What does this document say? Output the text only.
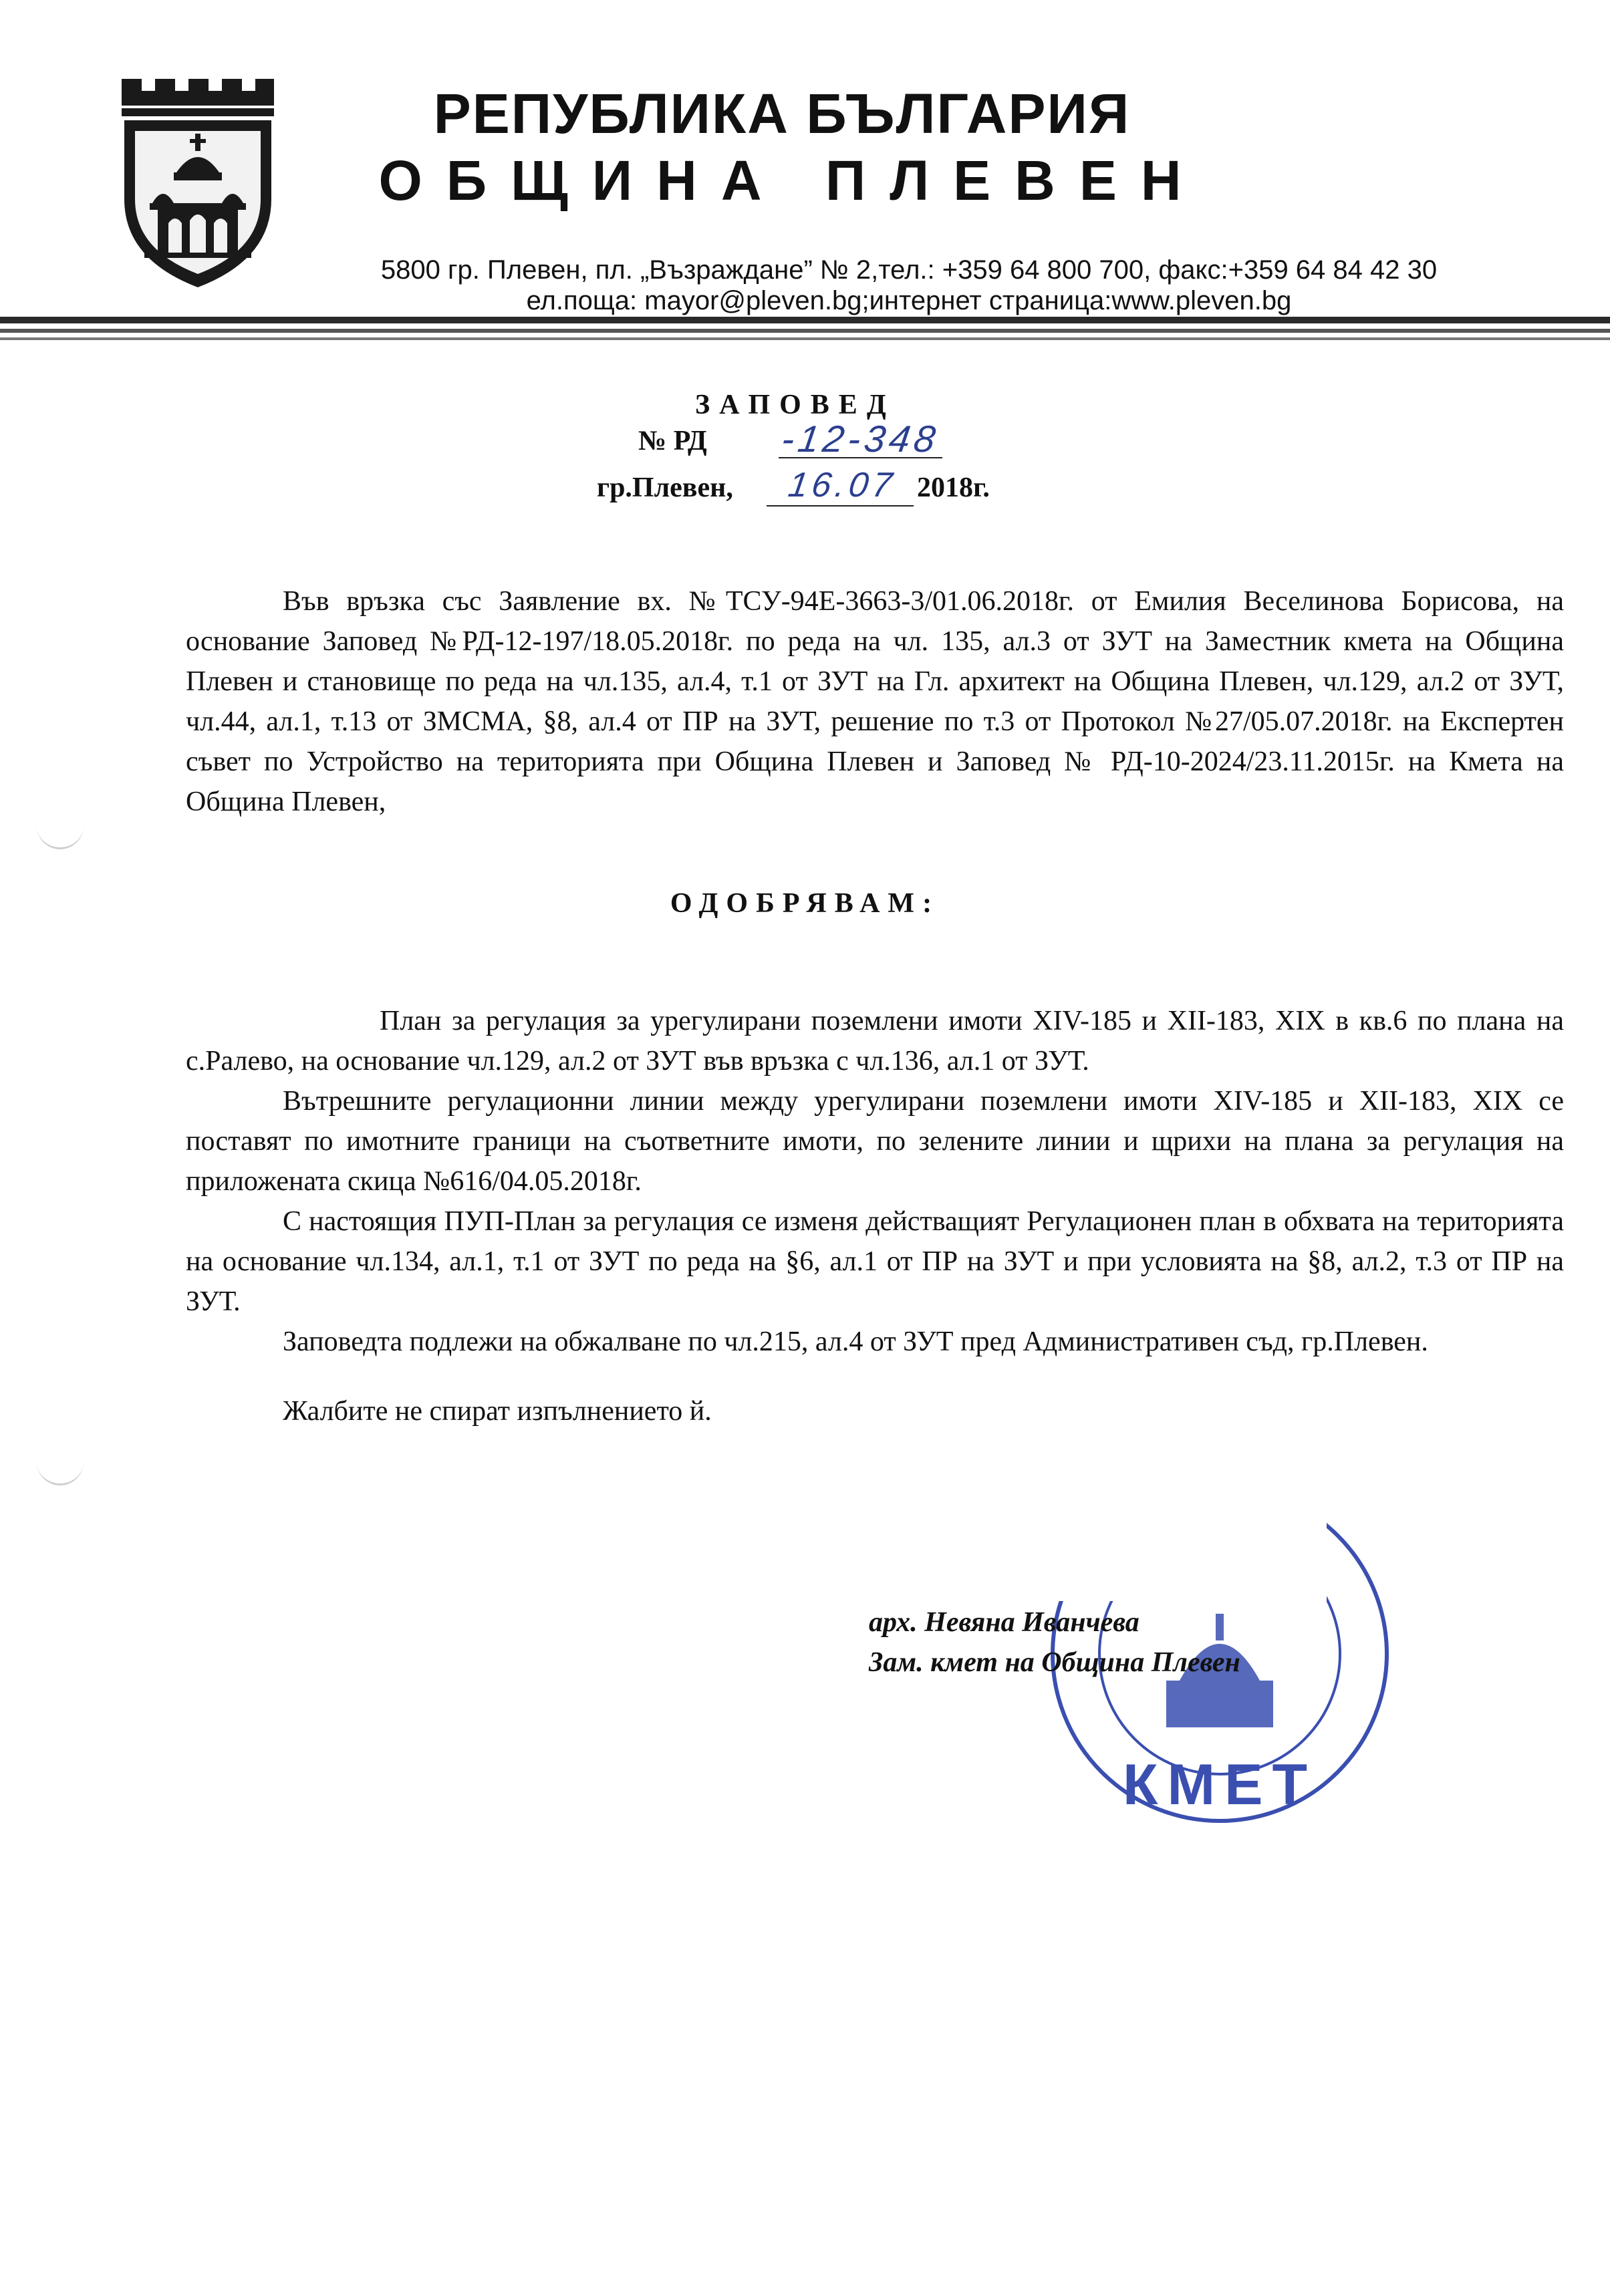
РЕПУБЛИКА БЪЛГАРИЯ
ОБЩИНА ПЛЕВЕН
5800 гр. Плевен, пл. „Възраждане” № 2,тел.: +359 64 800 700, факс:+359 64 84 42 30
ел.поща: mayor@pleven.bg;интернет страница:www.pleven.bg
ЗАПОВЕД
№ РД -12-348
гр.Плевен, 16.07 2018г.
Във връзка със Заявление вх. №ТСУ-94Е-3663-3/01.06.2018г. от Емилия Веселинова Борисова, на основание Заповед №РД-12-197/18.05.2018г. по реда на чл. 135, ал.3 от ЗУТ на Заместник кмета на Община Плевен и становище по реда на чл.135, ал.4, т.1 от ЗУТ на Гл. архитект на Община Плевен, чл.129, ал.2 от ЗУТ, чл.44, ал.1, т.13 от ЗМСМА, §8, ал.4 от ПР на ЗУТ, решение по т.3 от Протокол №27/05.07.2018г. на Експертен съвет по Устройство на територията при Община Плевен и Заповед № РД-10-2024/23.11.2015г. на Кмета на Община Плевен,
ОДОБРЯВАМ:
План за регулация за урегулирани поземлени имоти XIV-185 и XII-183, XIX в кв.6 по плана на с.Ралево, на основание чл.129, ал.2 от ЗУТ във връзка с чл.136, ал.1 от ЗУТ.
Вътрешните регулационни линии между урегулирани поземлени имоти XIV-185 и XII-183, XIX се поставят по имотните граници на съответните имоти, по зелените линии и щрихи на плана за регулация на приложената скица №616/04.05.2018г.
С настоящия ПУП-План за регулация се изменя действащият Регулационен план в обхвата на територията на основание чл.134, ал.1, т.1 от ЗУТ по реда на §6, ал.1 от ПР на ЗУТ и при условията на §8, ал.2, т.3 от ПР на ЗУТ.
Заповедта подлежи на обжалване по чл.215, ал.4 от ЗУТ пред Административен съд, гр.Плевен.
Жалбите не спират изпълнението й.
КМЕТ
арх. Невяна Иванчева
Зам. кмет на Община Плевен
